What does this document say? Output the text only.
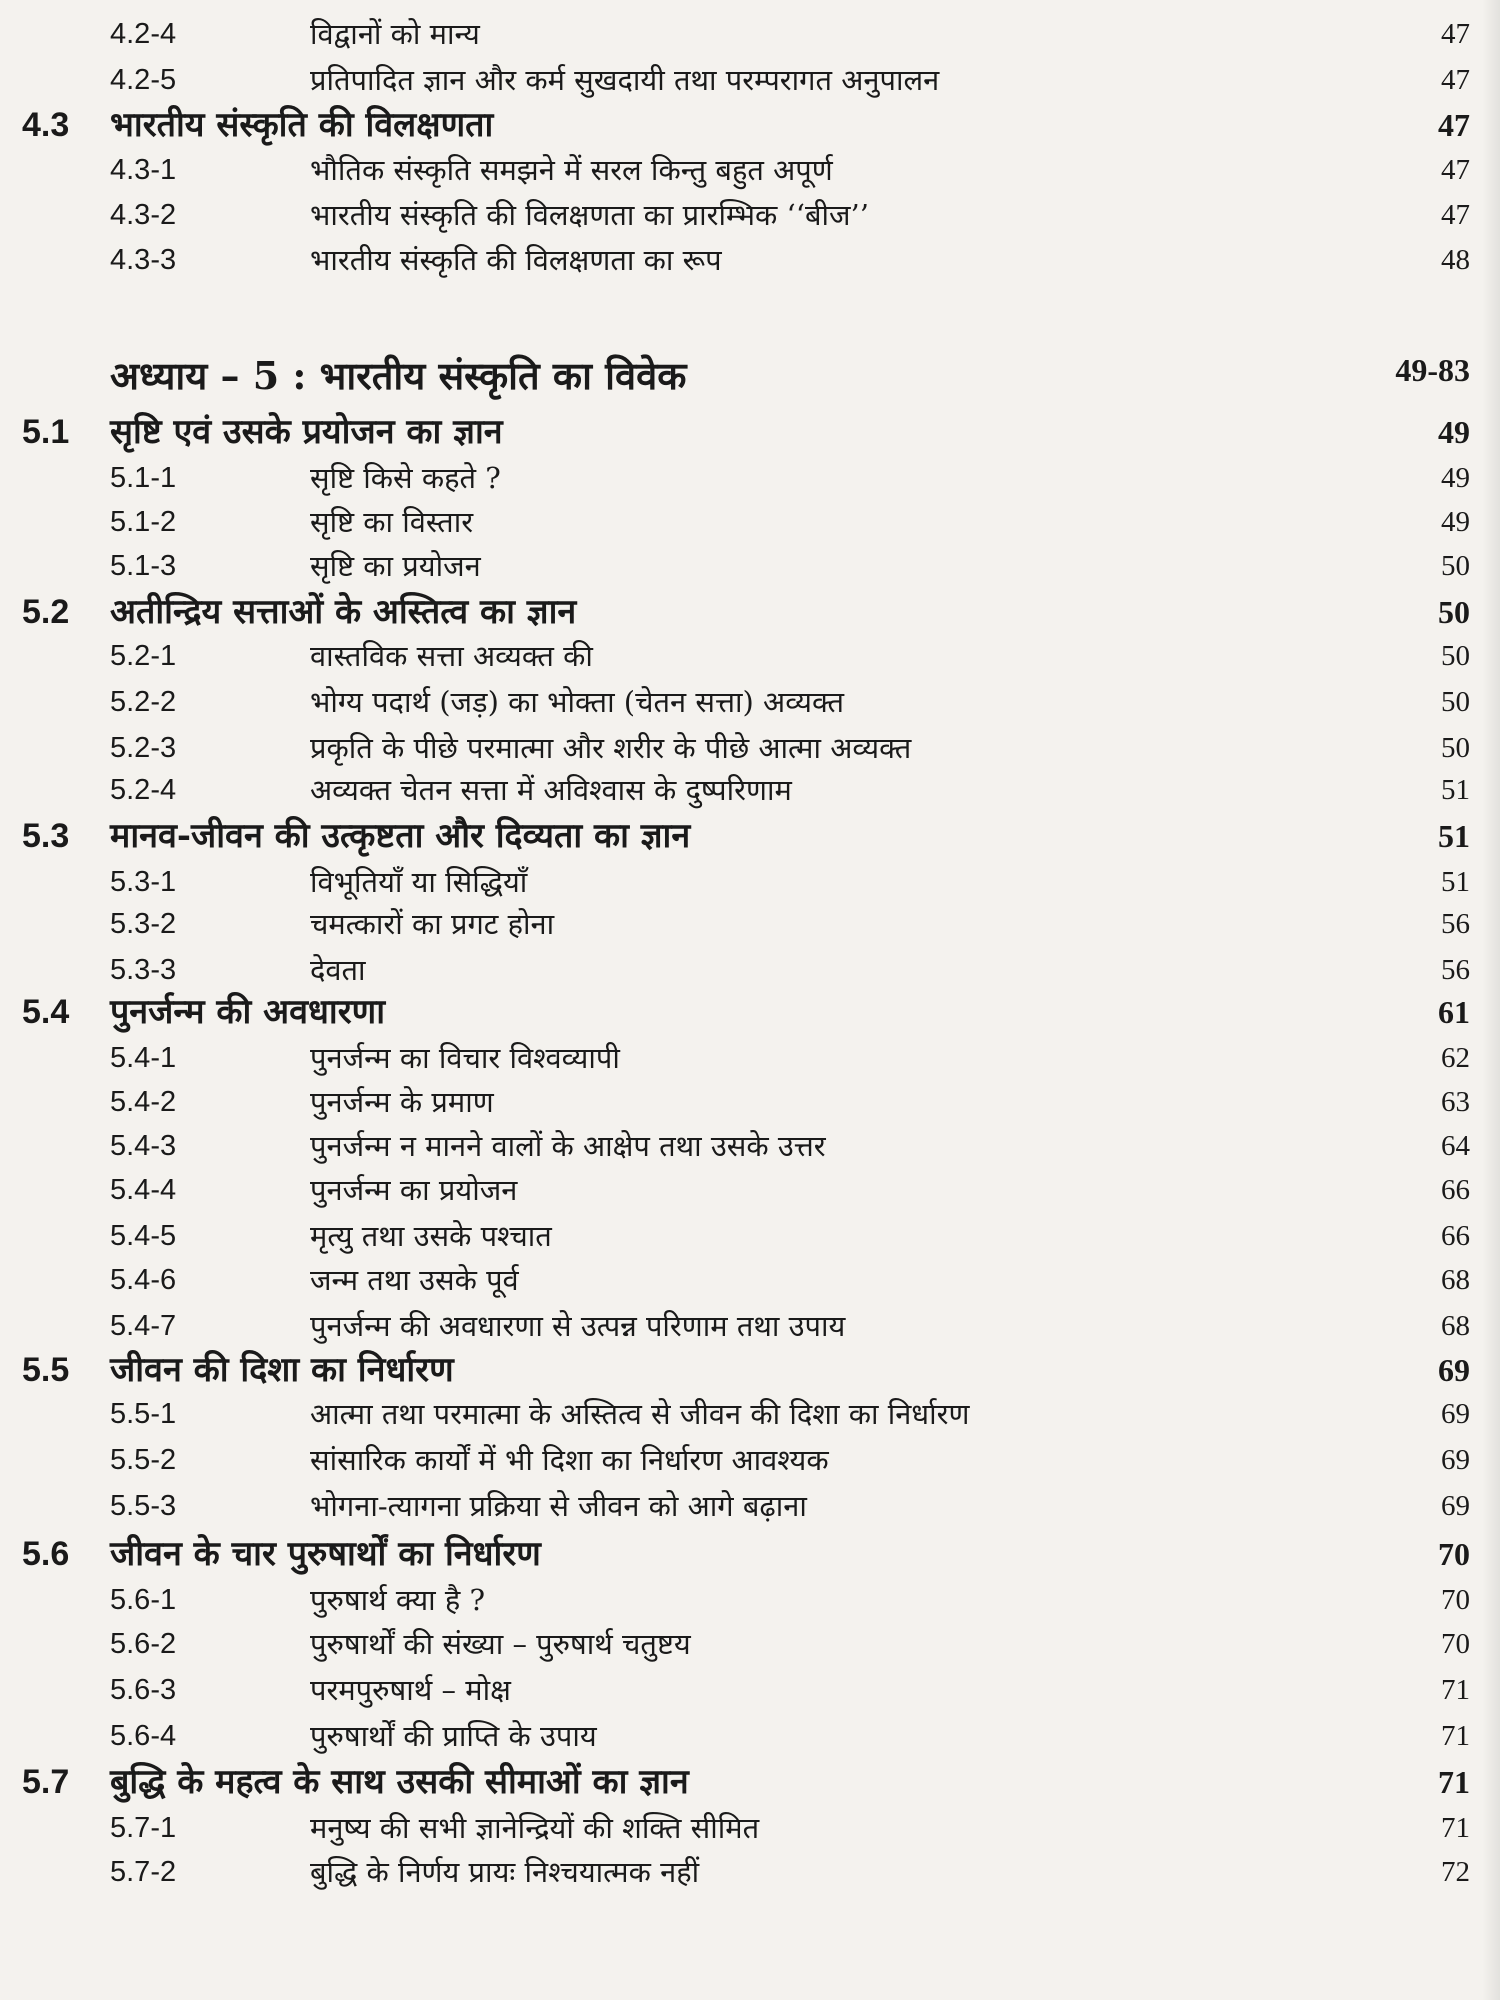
4.2-4	विद्वानों को मान्य	47
4.2-5	प्रतिपादित ज्ञान और कर्म सुखदायी तथा परम्परागत अनुपालन	47
4.3 भारतीय संस्कृति की विलक्षणता	47
4.3-1	भौतिक संस्कृति समझने में सरल किन्तु बहुत अपूर्ण	47
4.3-2	भारतीय संस्कृति की विलक्षणता का प्रारम्भिक ‘‘बीज’’	47
4.3-3	भारतीय संस्कृति की विलक्षणता का रूप	48
अध्याय – 5 : भारतीय संस्कृति का विवेक	49-83
5.1 सृष्टि एवं उसके प्रयोजन का ज्ञान	49
5.1-1	सृष्टि किसे कहते ?	49
5.1-2	सृष्टि का विस्तार	49
5.1-3	सृष्टि का प्रयोजन	50
5.2 अतीन्द्रिय सत्ताओं के अस्तित्व का ज्ञान	50
5.2-1	वास्तविक सत्ता अव्यक्त की	50
5.2-2	भोग्य पदार्थ (जड़) का भोक्ता (चेतन सत्ता) अव्यक्त	50
5.2-3	प्रकृति के पीछे परमात्मा और शरीर के पीछे आत्मा अव्यक्त	50
5.2-4	अव्यक्त चेतन सत्ता में अविश्वास के दुष्परिणाम	51
5.3 मानव-जीवन की उत्कृष्टता और दिव्यता का ज्ञान	51
5.3-1	विभूतियाँ या सिद्धियाँ	51
5.3-2	चमत्कारों का प्रगट होना	56
5.3-3	देवता	56
5.4 पुनर्जन्म की अवधारणा	61
5.4-1	पुनर्जन्म का विचार विश्वव्यापी	62
5.4-2	पुनर्जन्म के प्रमाण	63
5.4-3	पुनर्जन्म न मानने वालों के आक्षेप तथा उसके उत्तर	64
5.4-4	पुनर्जन्म का प्रयोजन	66
5.4-5	मृत्यु तथा उसके पश्चात	66
5.4-6	जन्म तथा उसके पूर्व	68
5.4-7	पुनर्जन्म की अवधारणा से उत्पन्न परिणाम तथा उपाय	68
5.5 जीवन की दिशा का निर्धारण	69
5.5-1	आत्मा तथा परमात्मा के अस्तित्व से जीवन की दिशा का निर्धारण	69
5.5-2	सांसारिक कार्यों में भी दिशा का निर्धारण आवश्यक	69
5.5-3	भोगना-त्यागना प्रक्रिया से जीवन को आगे बढ़ाना	69
5.6 जीवन के चार पुरुषार्थों का निर्धारण	70
5.6-1	पुरुषार्थ क्या है ?	70
5.6-2	पुरुषार्थों की संख्या – पुरुषार्थ चतुष्टय	70
5.6-3	परमपुरुषार्थ – मोक्ष	71
5.6-4	पुरुषार्थों की प्राप्ति के उपाय	71
5.7 बुद्धि के महत्व के साथ उसकी सीमाओं का ज्ञान	71
5.7-1	मनुष्य की सभी ज्ञानेन्द्रियों की शक्ति सीमित	71
5.7-2	बुद्धि के निर्णय प्रायः निश्चयात्मक नहीं	72
